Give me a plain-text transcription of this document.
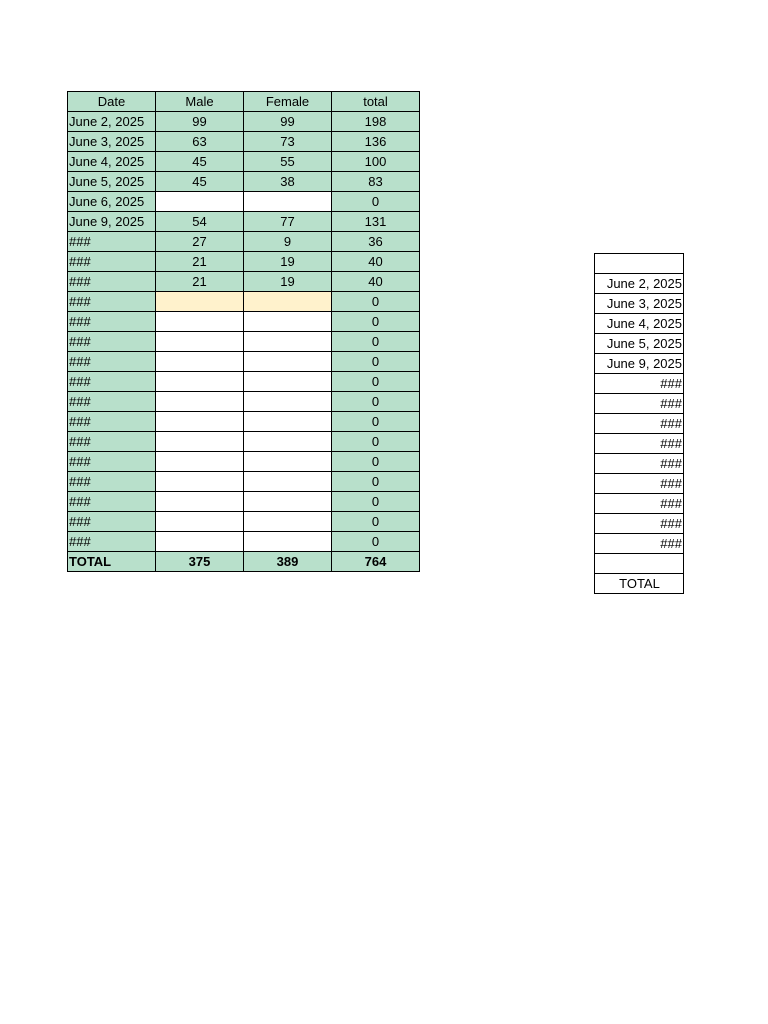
Date	Male	Female	total
June 2, 2025	99	99	198
June 3, 2025	63	73	136
June 4, 2025	45	55	100
June 5, 2025	45	38	83
June 6, 2025			0
June 9, 2025	54	77	131
###	27	9	36
###	21	19	40
###	21	19	40
###			0
###			0
###			0
###			0
###			0
###			0
###			0
###			0
###			0
###			0
###			0
###			0
###			0
TOTAL	375	389	764

June 2, 2025
June 3, 2025
June 4, 2025
June 5, 2025
June 9, 2025
###
###
###
###
###
###
###
###
###

TOTAL
